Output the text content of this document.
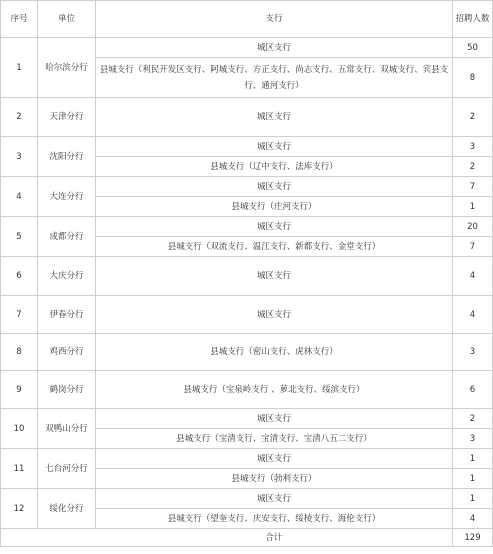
序号	单位	支行	招聘人数
1	哈尔滨分行	城区支行	50
		县城支行（利民开发区支行、阿城支行、方正支行、尚志支行、五常支行、双城支行、宾县支行、通河支行）	8
2	天津分行	城区支行	2
3	沈阳分行	城区支行	3
		县城支行（辽中支行、法库支行）	2
4	大连分行	城区支行	7
		县城支行（庄河支行）	1
5	成都分行	城区支行	20
		县城支行（双流支行、温江支行、新都支行、金堂支行）	7
6	大庆分行	城区支行	4
7	伊春分行	城区支行	4
8	鸡西分行	县城支行（密山支行、虎林支行）	3
9	鹤岗分行	县城支行（宝泉岭支行 、萝北支行、绥滨支行）	6
10	双鸭山分行	城区支行	2
		县城支行（宝清支行、宝清支行、宝清八五二支行）	3
11	七台河分行	城区支行	1
		县城支行（勃利支行）	1
12	绥化分行	城区支行	1
		县城支行（望奎支行、庆安支行、绥棱支行、海伦支行）	4
		合计	129
